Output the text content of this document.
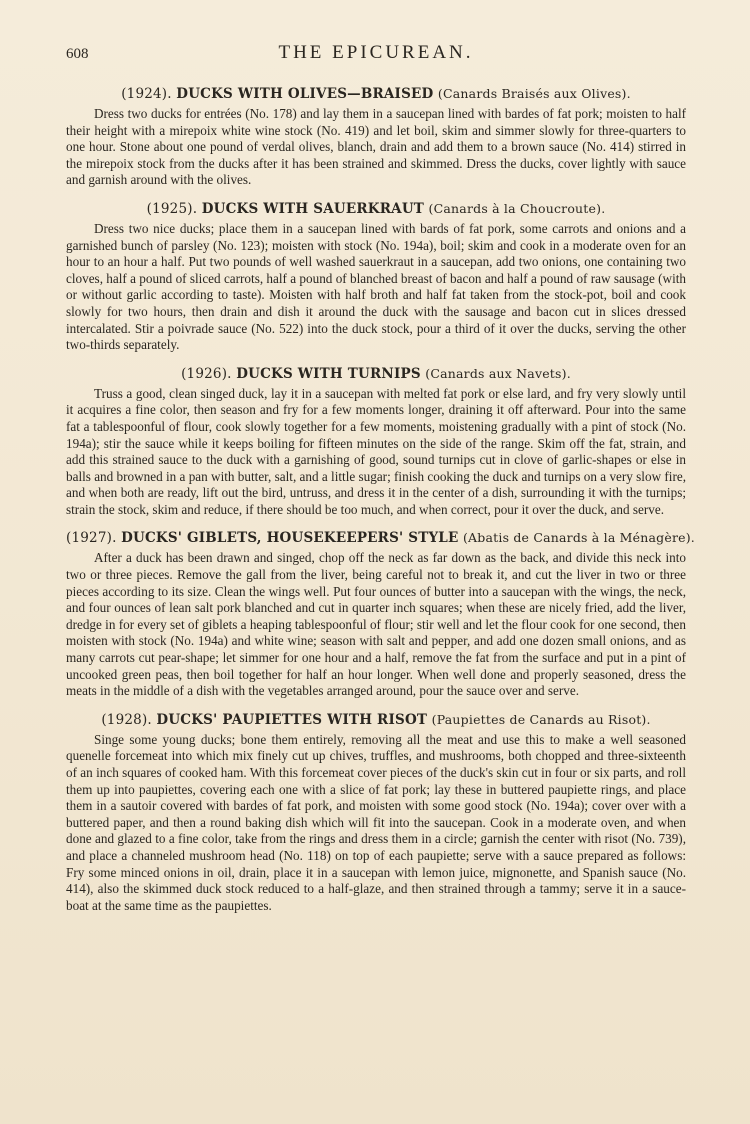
608	THE EPICUREAN.
(1924). DUCKS WITH OLIVES—BRAISED (Canards Braisés aux Olives).

Dress two ducks for entrées (No. 178) and lay them in a saucepan lined with bardes of fat pork; moisten to half their height with a mirepoix white wine stock (No. 419) and let boil, skim and simmer slowly for three-quarters to one hour. Stone about one pound of verdal olives, blanch, drain and add them to a brown sauce (No. 414) stirred in the mirepoix stock from the ducks after it has been strained and skimmed. Dress the ducks, cover lightly with sauce and garnish around with the olives.

(1925). DUCKS WITH SAUERKRAUT (Canards à la Choucroute).

Dress two nice ducks; place them in a saucepan lined with bards of fat pork, some carrots and onions and a garnished bunch of parsley (No. 123); moisten with stock (No. 194a), boil; skim and cook in a moderate oven for an hour to an hour a half. Put two pounds of well washed sauerkraut in a saucepan, add two onions, one containing two cloves, half a pound of sliced carrots, half a pound of blanched breast of bacon and half a pound of raw sausage (with or without garlic according to taste). Moisten with half broth and half fat taken from the stock-pot, boil and cook slowly for two hours, then drain and dish it around the duck with the sausage and bacon cut in slices dressed intercalated. Stir a poivrade sauce (No. 522) into the duck stock, pour a third of it over the ducks, serving the other two-thirds separately.

(1926). DUCKS WITH TURNIPS (Canards aux Navets).

Truss a good, clean singed duck, lay it in a saucepan with melted fat pork or else lard, and fry very slowly until it acquires a fine color, then season and fry for a few moments longer, draining it off afterward. Pour into the same fat a tablespoonful of flour, cook slowly together for a few moments, moistening gradually with a pint of stock (No. 194a); stir the sauce while it keeps boiling for fifteen minutes on the side of the range. Skim off the fat, strain, and add this strained sauce to the duck with a garnishing of good, sound turnips cut in clove of garlic-shapes or else in balls and browned in a pan with butter, salt, and a little sugar; finish cooking the duck and turnips on a very slow fire, and when both are ready, lift out the bird, untruss, and dress it in the center of a dish, surrounding it with the turnips; strain the stock, skim and reduce, if there should be too much, and when correct, pour it over the duck, and serve.

(1927). DUCKS' GIBLETS, HOUSEKEEPERS' STYLE (Abatis de Canards à la Ménagère).

After a duck has been drawn and singed, chop off the neck as far down as the back, and divide this neck into two or three pieces. Remove the gall from the liver, being careful not to break it, and cut the liver in two or three pieces according to its size. Clean the wings well. Put four ounces of butter into a saucepan with the wings, the neck, and four ounces of lean salt pork blanched and cut in quarter inch squares; when these are nicely fried, add the liver, dredge in for every set of giblets a heaping tablespoonful of flour; stir well and let the flour cook for one second, then moisten with stock (No. 194a) and white wine; season with salt and pepper, and add one dozen small onions, and as many carrots cut pear-shape; let simmer for one hour and a half, remove the fat from the surface and put in a pint of uncooked green peas, then boil together for half an hour longer. When well done and properly seasoned, dress the meats in the middle of a dish with the vegetables arranged around, pour the sauce over and serve.

(1928). DUCKS' PAUPIETTES WITH RISOT (Paupiettes de Canards au Risot).

Singe some young ducks; bone them entirely, removing all the meat and use this to make a well seasoned quenelle forcemeat into which mix finely cut up chives, truffles, and mushrooms, both chopped and three-sixteenth of an inch squares of cooked ham. With this forcemeat cover pieces of the duck's skin cut in four or six parts, and roll them up into paupiettes, covering each one with a slice of fat pork; lay these in buttered paupiette rings, and place them in a sautoir covered with bardes of fat pork, and moisten with some good stock (No. 194a); cover over with a buttered paper, and then a round baking dish which will fit into the saucepan. Cook in a moderate oven, and when done and glazed to a fine color, take from the rings and dress them in a circle; garnish the center with risot (No. 739), and place a channeled mushroom head (No. 118) on top of each paupiette; serve with a sauce prepared as follows: Fry some minced onions in oil, drain, place it in a saucepan with lemon juice, mignonette, and Spanish sauce (No. 414), also the skimmed duck stock reduced to a half-glaze, and then strained through a tammy; serve it in a sauce-boat at the same time as the paupiettes.
